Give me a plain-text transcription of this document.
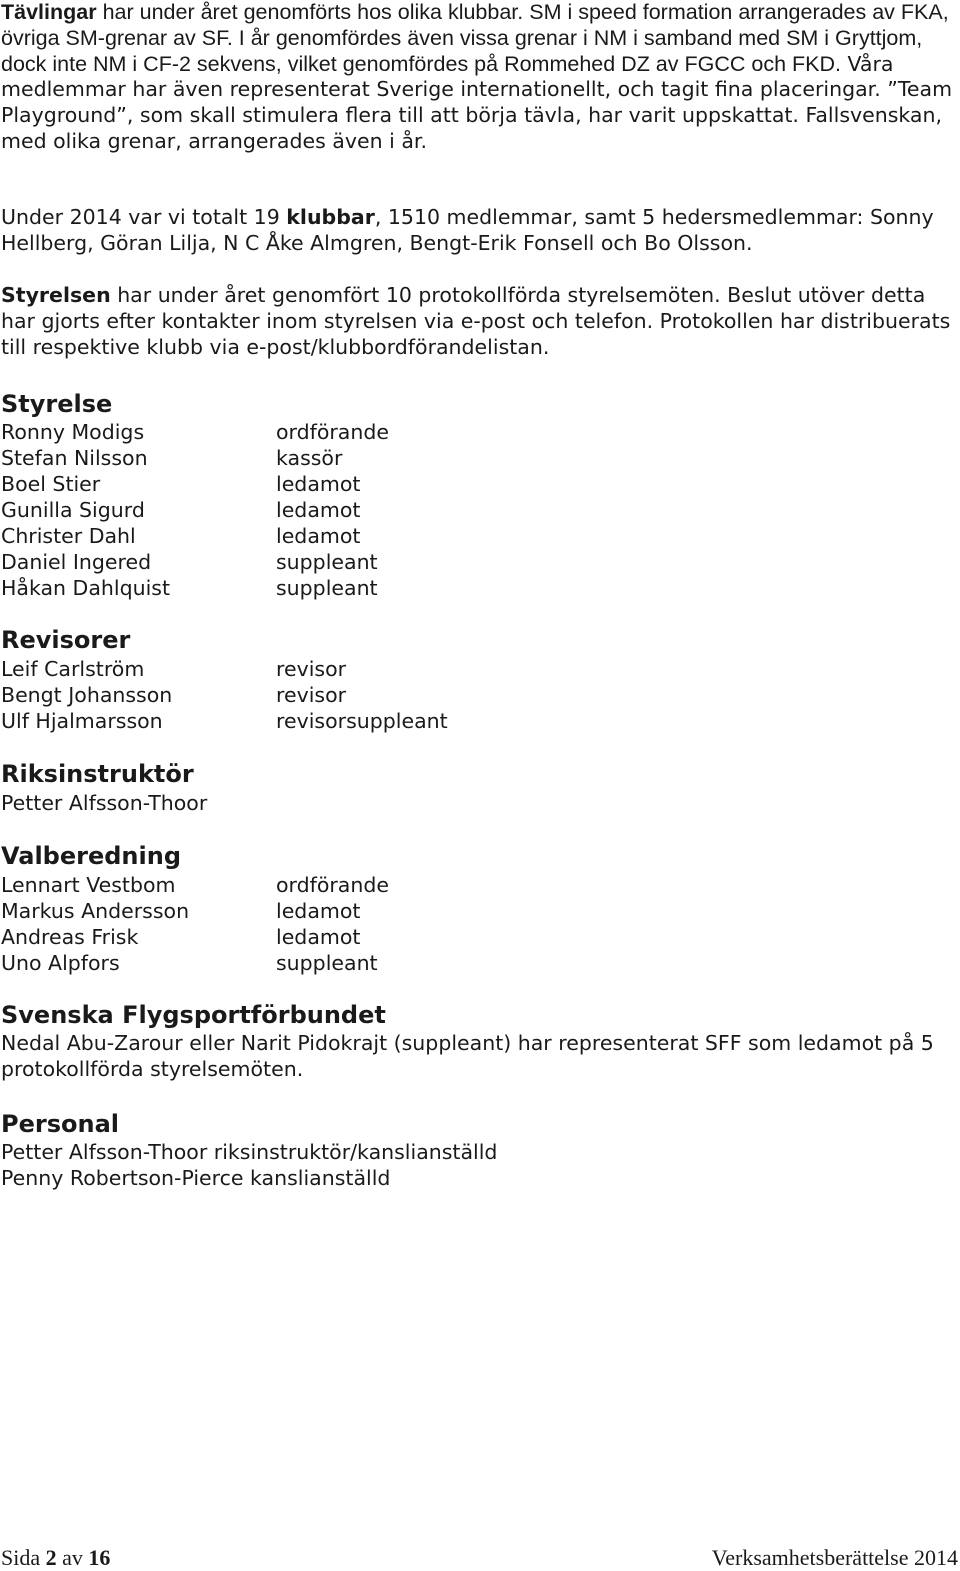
Tävlingar har under året genomförts hos olika klubbar. SM i speed formation arrangerades av FKA, övriga SM-grenar av SF. I år genomfördes även vissa grenar i NM i samband med SM i Gryttjom, dock inte NM i CF-2 sekvens, vilket genomfördes på Rommehed DZ av FGCC och FKD. Våra medlemmar har även representerat Sverige internationellt, och tagit fina placeringar. ”Team Playground”, som skall stimulera flera till att börja tävla, har varit uppskattat. Fallsvenskan, med olika grenar, arrangerades även i år.

Under 2014 var vi totalt 19 klubbar, 1510 medlemmar, samt 5 hedersmedlemmar: Sonny Hellberg, Göran Lilja, N C Åke Almgren, Bengt-Erik Fonsell och Bo Olsson.

Styrelsen har under året genomfört 10 protokollförda styrelsemöten. Beslut utöver detta har gjorts efter kontakter inom styrelsen via e-post och telefon. Protokollen har distribuerats till respektive klubb via e-post/klubbordförandelistan.

Styrelse
Ronny Modigs	ordförande
Stefan Nilsson	kassör
Boel Stier	ledamot
Gunilla Sigurd	ledamot
Christer Dahl	ledamot
Daniel Ingered	suppleant
Håkan Dahlquist	suppleant
Revisorer
Leif Carlström	revisor
Bengt Johansson	revisor
Ulf Hjalmarsson	revisorsuppleant
Riksinstruktör
Petter Alfsson-Thoor
Valberedning
Lennart Vestbom	ordförande
Markus Andersson	ledamot
Andreas Frisk	ledamot
Uno Alpfors	suppleant
Svenska Flygsportförbundet

Nedal Abu-Zarour eller Narit Pidokrajt (suppleant) har representerat SFF som ledamot på 5 protokollförda styrelsemöten.

Personal
Petter Alfsson-Thoor riksinstruktör/kanslianställd
Penny Robertson-Pierce kanslianställd
Sida 2 av 16	Verksamhetsberättelse 2014
